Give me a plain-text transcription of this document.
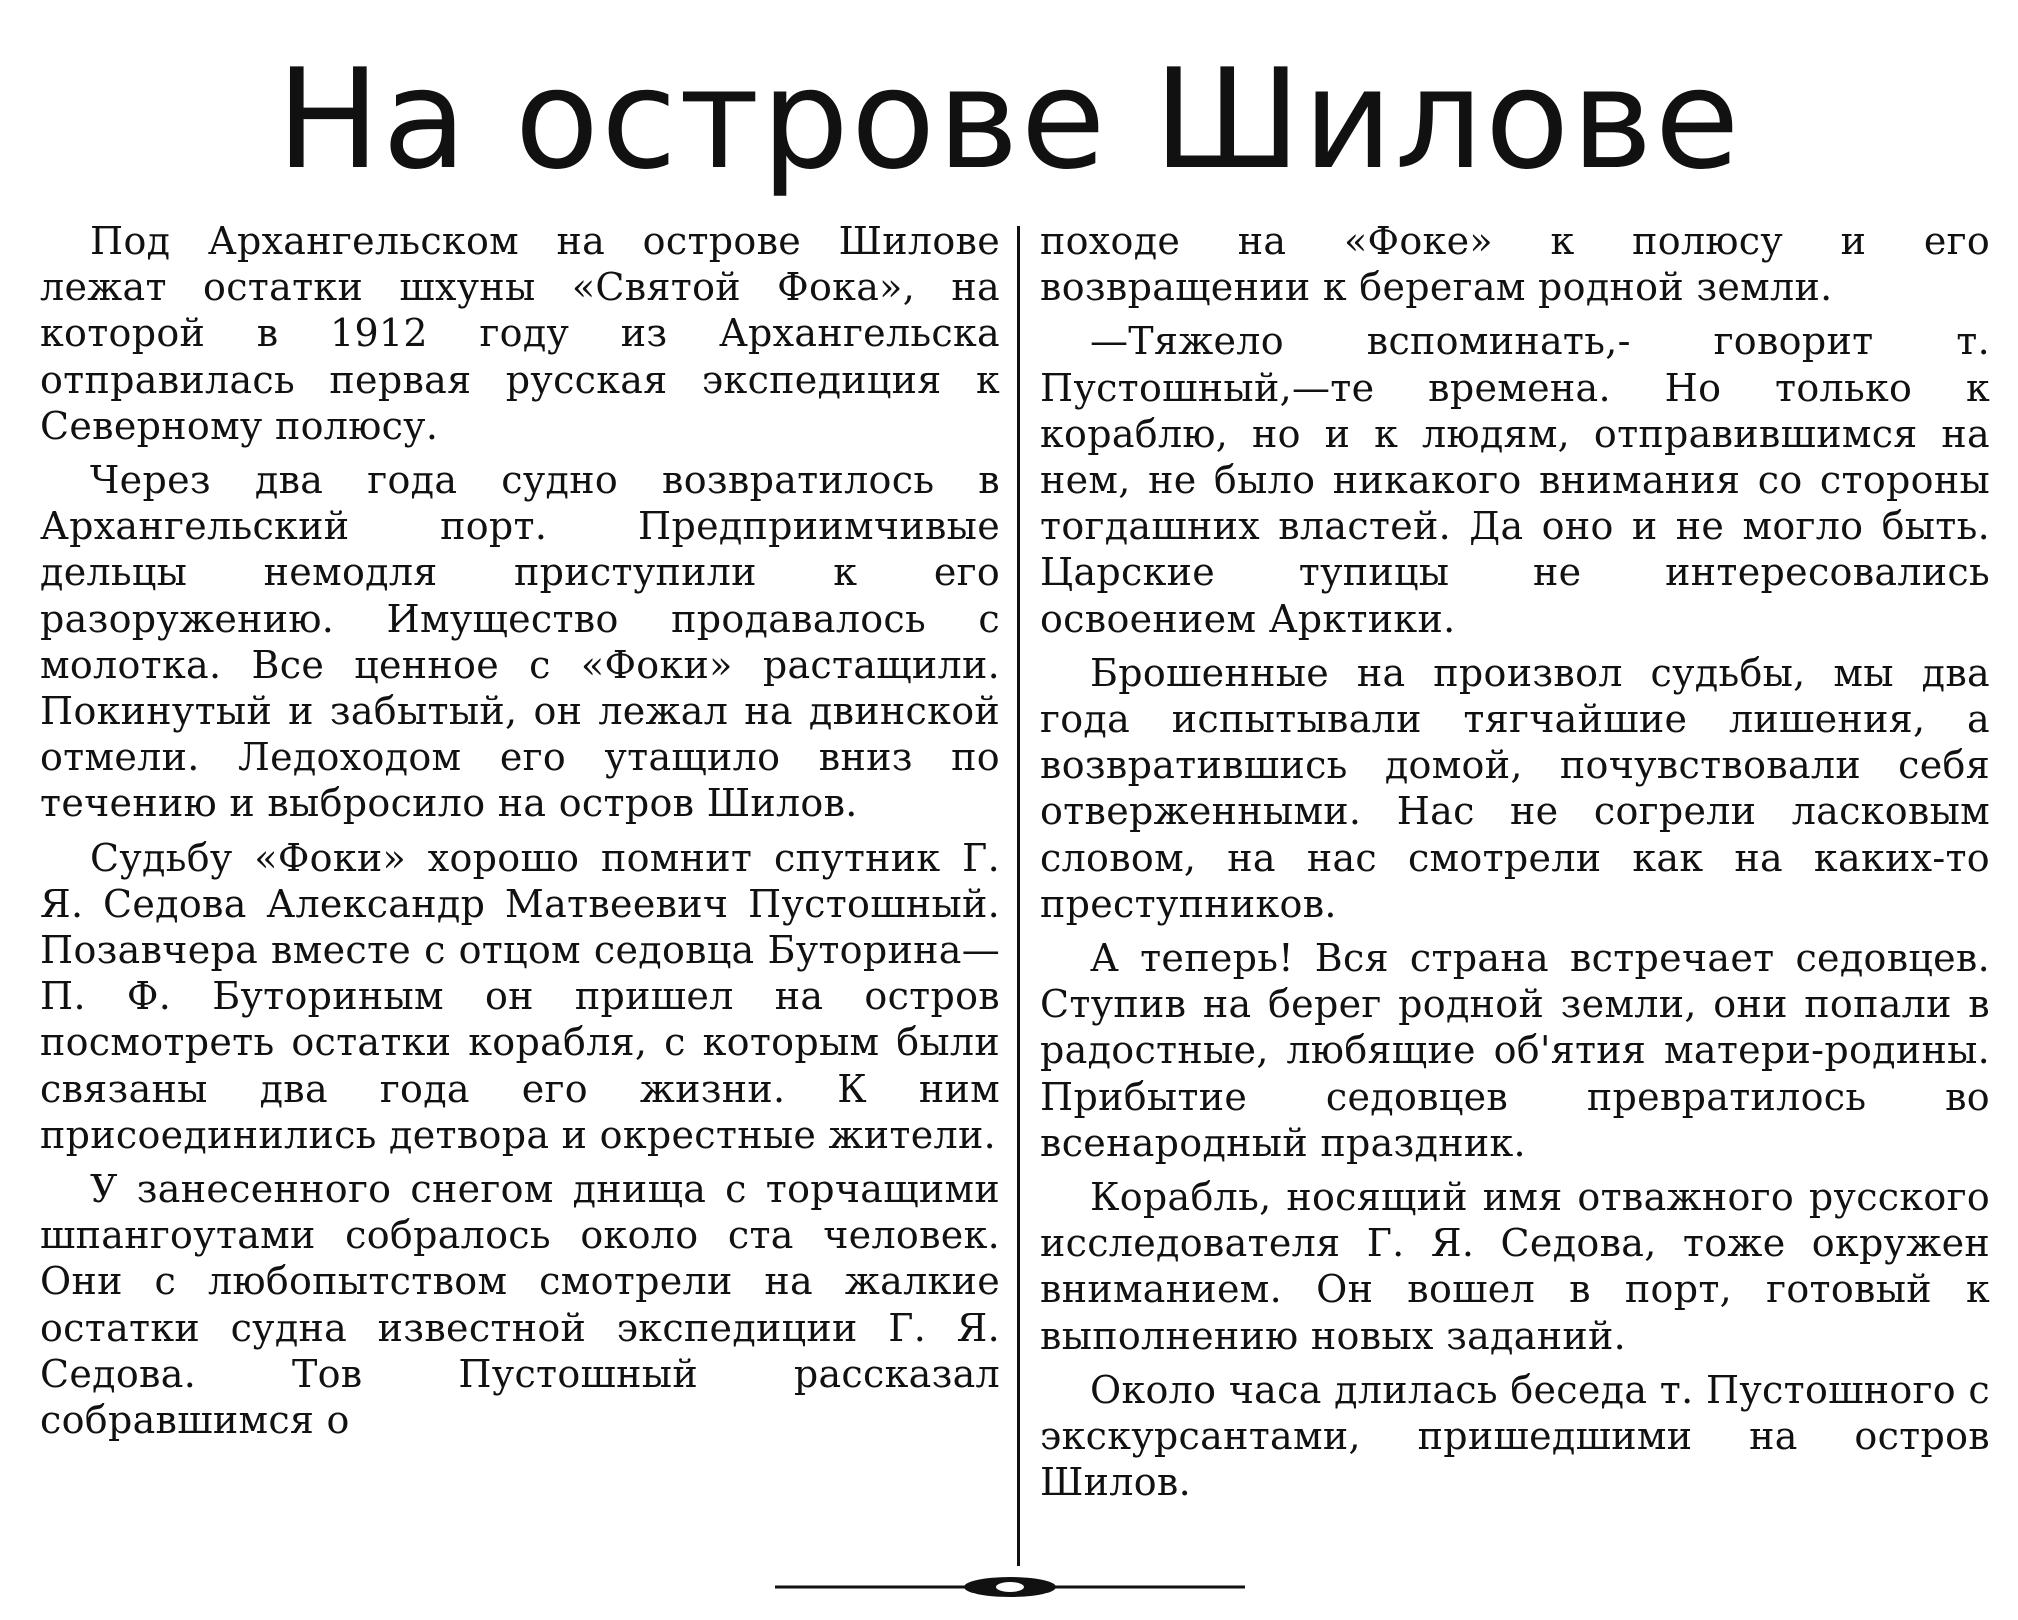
На острове Шилове

Под Архангельском на острове Шилове лежат остатки шхуны «Святой Фока», на которой в 1912 году из Архангельска отправилась первая русская экспедиция к Северному полюсу.

Через два года судно возвратилось в Архангельский порт. Предприимчивые дельцы немодля приступили к его разоружению. Имущество продавалось с молотка. Все ценное с «Фоки» растащили. Покинутый и забытый, он лежал на двинской отмели. Ледоходом его утащило вниз по течению и выбросило на остров Шилов.

Судьбу «Фоки» хорошо помнит спутник Г. Я. Седова Александр Матвеевич Пустошный. Позавчера вместе с отцом седовца Буторина—П. Ф. Буториным он пришел на остров посмотреть остатки корабля, с которым были связаны два года его жизни. К ним присоединились детвора и окрестные жители.

У занесенного снегом днища с торчащими шпангоутами собралось около ста человек. Они с любопытством смотрели на жалкие остатки судна известной экспедиции Г. Я. Седова. Тов Пустошный рассказал собравшимся о

походе на «Фоке» к полюсу и его возвращении к берегам родной земли.

—Тяжело вспоминать,- говорит т. Пустошный,—те времена. Но только к кораблю, но и к людям, отправившимся на нем, не было никакого внимания со стороны тогдашних властей. Да оно и не могло быть. Царские тупицы не интересовались освоением Арктики.

Брошенные на произвол судьбы, мы два года испытывали тягчайшие лишения, а возвратившись домой, почувствовали себя отверженными. Нас не согрели ласковым словом, на нас смотрели как на каких-то преступников.

А теперь! Вся страна встречает седовцев. Ступив на берег родной земли, они попали в радостные, любящие об'ятия матери-родины. Прибытие седовцев превратилось во всенародный праздник.

Корабль, носящий имя отважного русского исследователя Г. Я. Седова, тоже окружен вниманием. Он вошел в порт, готовый к выполнению новых заданий.

Около часа длилась беседа т. Пустошного с экскурсантами, пришедшими на остров Шилов.
